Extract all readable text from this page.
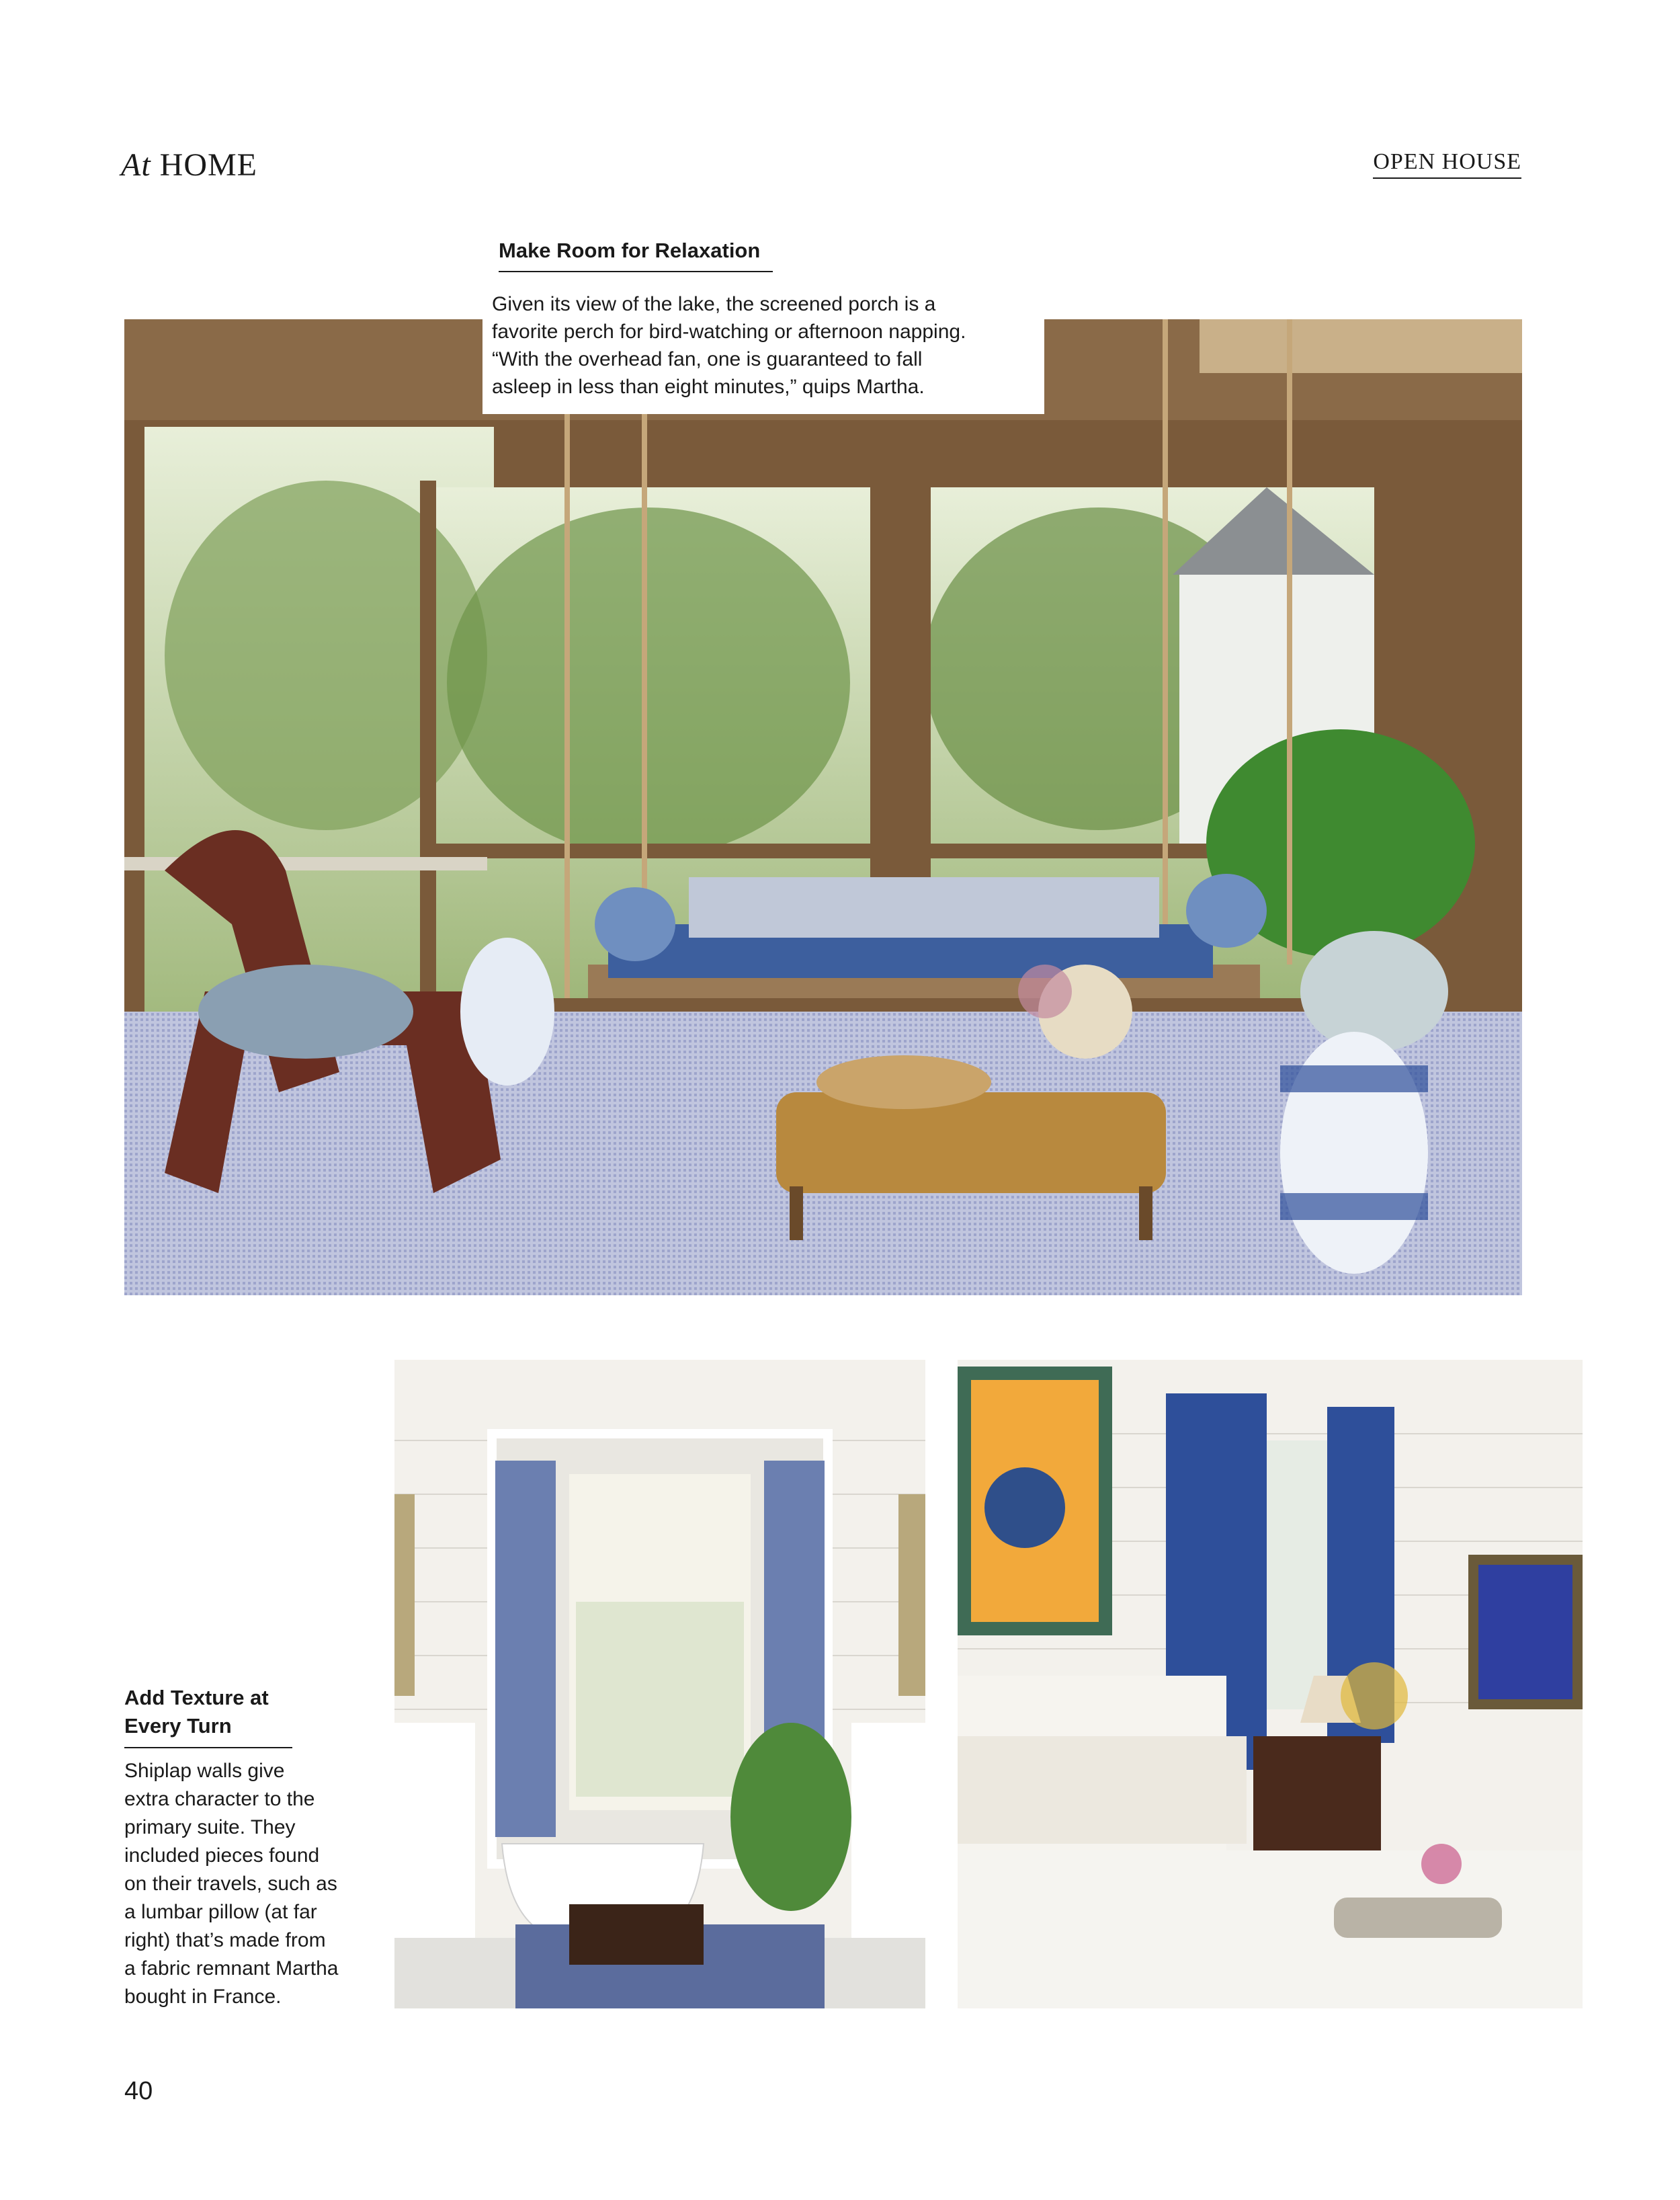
At HOME	OPEN HOUSE
Make Room for Relaxation
Given its view of the lake, the screened porch is a
favorite perch for bird-watching or afternoon napping.
“With the overhead fan, one is guaranteed to fall
asleep in less than eight minutes,” quips Martha.
Add Texture at
Every Turn
Shiplap walls give
extra character to the
primary suite. They
included pieces found
on their travels, such as
a lumbar pillow (at far
right) that’s made from
a fabric remnant Martha
bought in France.
40
